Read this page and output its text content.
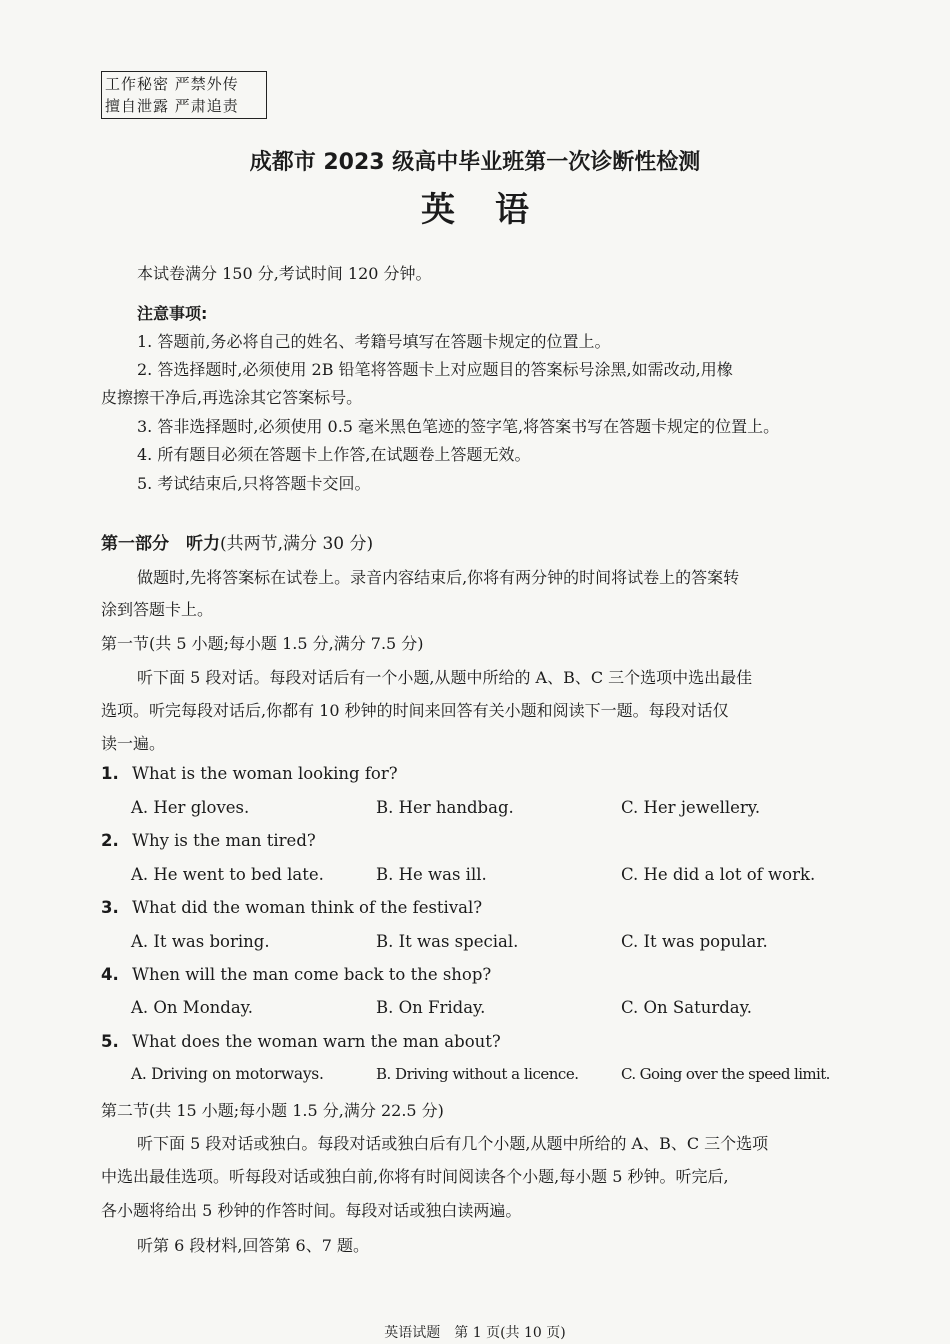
工作秘密 严禁外传
擅自泄露 严肃追责
成都市 2023 级高中毕业班第一次诊断性检测
英语
本试卷满分 150 分,考试时间 120 分钟。
注意事项:
1. 答题前,务必将自己的姓名、考籍号填写在答题卡规定的位置上。
2. 答选择题时,必须使用 2B 铅笔将答题卡上对应题目的答案标号涂黑,如需改动,用橡
皮擦擦干净后,再选涂其它答案标号。
3. 答非选择题时,必须使用 0.5 毫米黑色笔迹的签字笔,将答案书写在答题卡规定的位置上。
4. 所有题目必须在答题卡上作答,在试题卷上答题无效。
5. 考试结束后,只将答题卡交回。
第一部分　听力(共两节,满分 30 分)
做题时,先将答案标在试卷上。录音内容结束后,你将有两分钟的时间将试卷上的答案转
涂到答题卡上。
第一节(共 5 小题;每小题 1.5 分,满分 7.5 分)
听下面 5 段对话。每段对话后有一个小题,从题中所给的 A、B、C 三个选项中选出最佳
选项。听完每段对话后,你都有 10 秒钟的时间来回答有关小题和阅读下一题。每段对话仅
读一遍。
1. What is the woman looking for?
A. Her gloves.	B. Her handbag.	C. Her jewellery.
2. Why is the man tired?
A. He went to bed late.	B. He was ill.	C. He did a lot of work.
3. What did the woman think of the festival?
A. It was boring.	B. It was special.	C. It was popular.
4. When will the man come back to the shop?
A. On Monday.	B. On Friday.	C. On Saturday.
5. What does the woman warn the man about?
A. Driving on motorways.	B. Driving without a licence.	C. Going over the speed limit.
第二节(共 15 小题;每小题 1.5 分,满分 22.5 分)
听下面 5 段对话或独白。每段对话或独白后有几个小题,从题中所给的 A、B、C 三个选项
中选出最佳选项。听每段对话或独白前,你将有时间阅读各个小题,每小题 5 秒钟。听完后,
各小题将给出 5 秒钟的作答时间。每段对话或独白读两遍。
听第 6 段材料,回答第 6、7 题。
英语试题　第 1 页(共 10 页)
